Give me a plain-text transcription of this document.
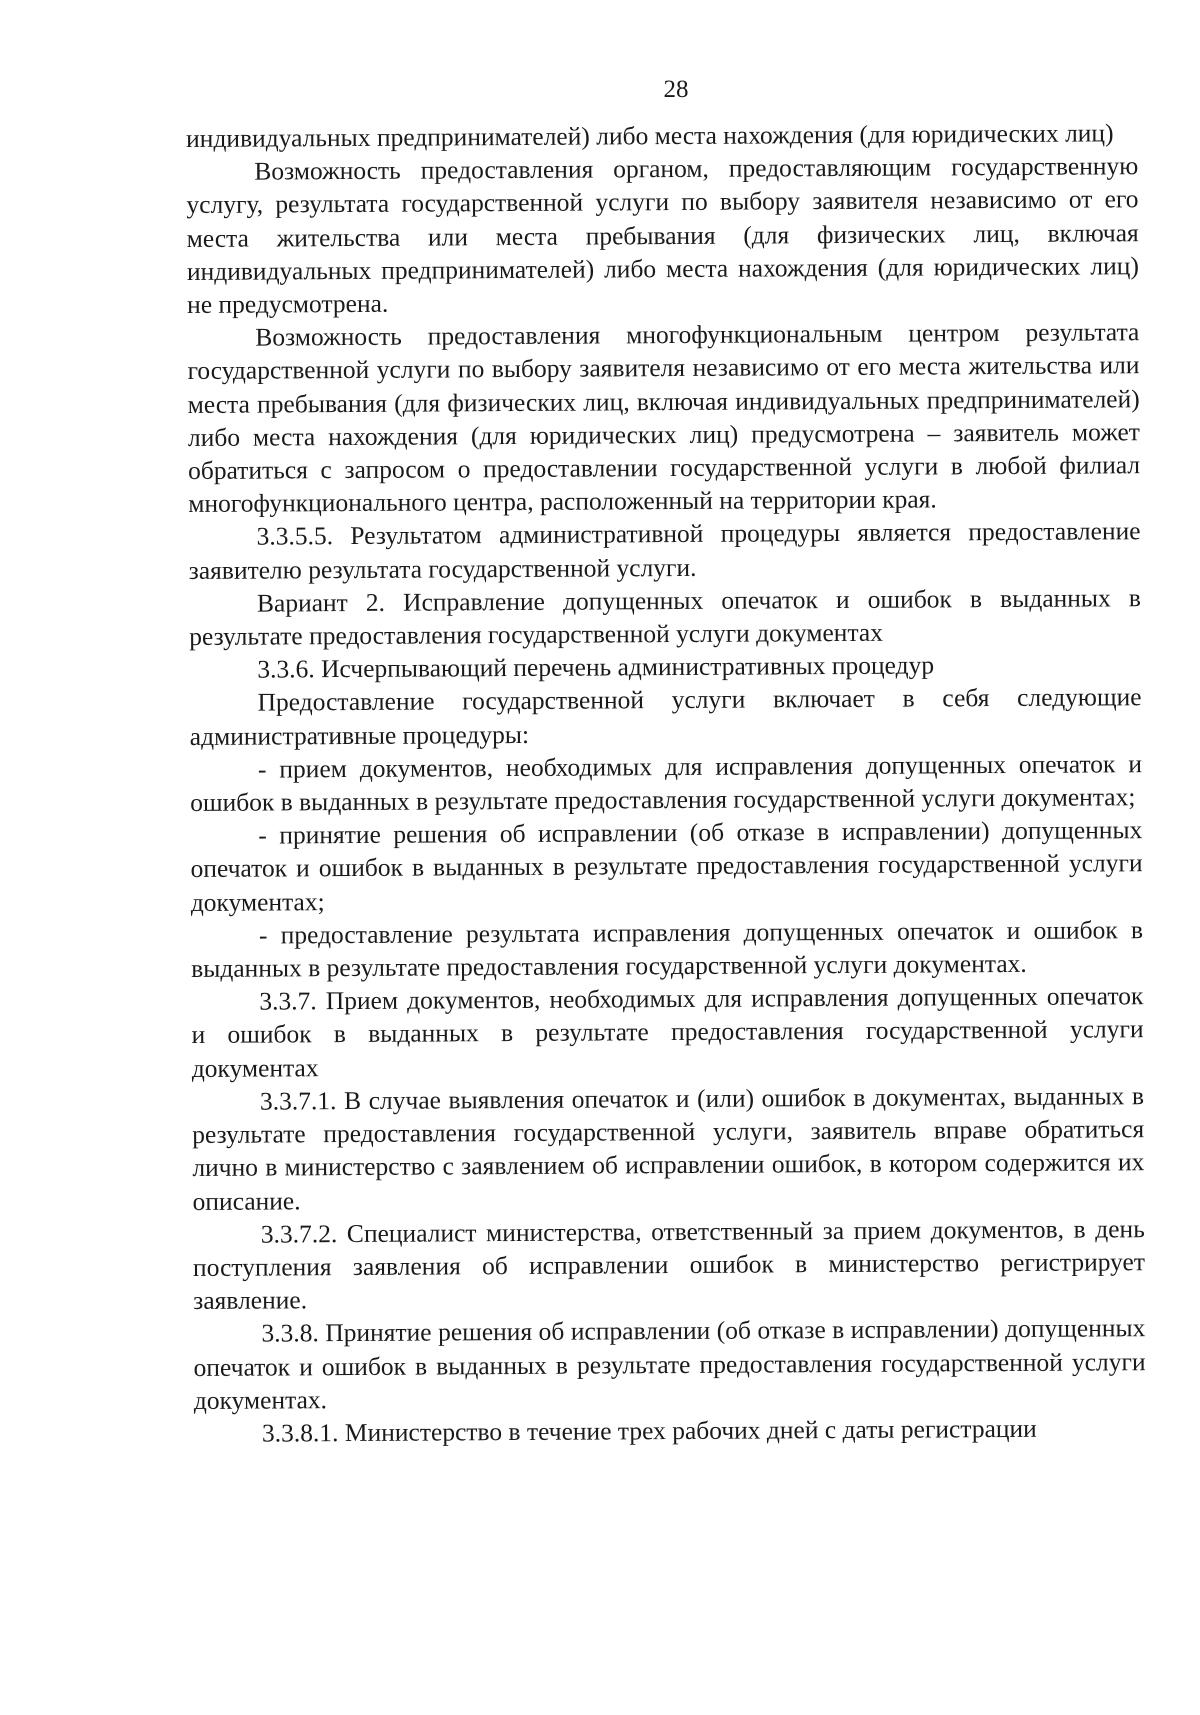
28

индивидуальных предпринимателей) либо места нахождения (для юридических лиц)

Возможность предоставления органом, предоставляющим государственную услугу, результата государственной услуги по выбору заявителя независимо от его места жительства или места пребывания (для физических лиц, включая индивидуальных предпринимателей) либо места нахождения (для юридических лиц) не предусмотрена.

Возможность предоставления многофункциональным центром результата государственной услуги по выбору заявителя независимо от его места жительства или места пребывания (для физических лиц, включая индивидуальных предпринимателей) либо места нахождения (для юридических лиц) предусмотрена – заявитель может обратиться с запросом о предоставлении государственной услуги в любой филиал многофункционального центра, расположенный на территории края.

3.3.5.5. Результатом административной процедуры является предоставление заявителю результата государственной услуги.

Вариант 2. Исправление допущенных опечаток и ошибок в выданных в результате предоставления государственной услуги документах

3.3.6. Исчерпывающий перечень административных процедур

Предоставление государственной услуги включает в себя следующие административные процедуры:

- прием документов, необходимых для исправления допущенных опечаток и ошибок в выданных в результате предоставления государственной услуги документах;

- принятие решения об исправлении (об отказе в исправлении) допущенных опечаток и ошибок в выданных в результате предоставления государственной услуги документах;

- предоставление результата исправления допущенных опечаток и ошибок в выданных в результате предоставления государственной услуги документах.

3.3.7. Прием документов, необходимых для исправления допущенных опечаток и ошибок в выданных в результате предоставления государственной услуги документах

3.3.7.1. В случае выявления опечаток и (или) ошибок в документах, выданных в результате предоставления государственной услуги, заявитель вправе обратиться лично в министерство с заявлением об исправлении ошибок, в котором содержится их описание.

3.3.7.2. Специалист министерства, ответственный за прием документов, в день поступления заявления об исправлении ошибок в министерство регистрирует заявление.

3.3.8. Принятие решения об исправлении (об отказе в исправлении) допущенных опечаток и ошибок в выданных в результате предоставления государственной услуги документах.

3.3.8.1. Министерство в течение трех рабочих дней с даты регистрации
